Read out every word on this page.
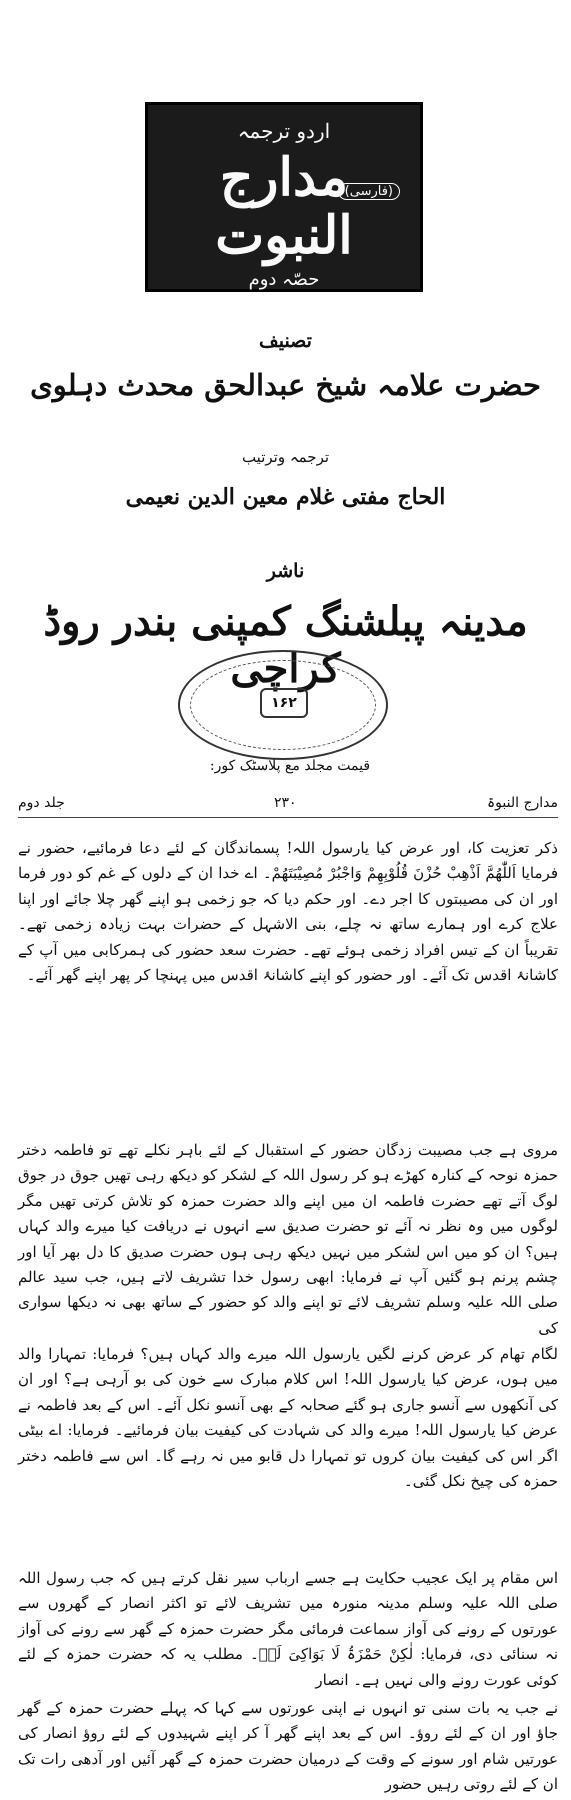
اردو ترجمہ
مدارج النبوت
(فارسی)
حصّہ دوم
تصنیف
حضرت علامہ شیخ عبدالحق محدث دہلوی
ترجمہ وترتیب
الحاج مفتی غلام معین الدین نعیمی
ناشر
مدینہ پبلشنگ کمپنی بندر روڈ کراچی
۱۶۲
قیمت مجلد مع پلاسٹک کور:
مدارج النبوۃ
۲۳۰
جلد دوم

ذکر تعزیت کا، اور عرض کیا یارسول اللہ! پسماندگان کے لئے دعا فرمائیے، حضور نے فرمایا اَللّٰھُمَّ اَذْھِبْ حُزْنَ قُلُوْبِھِمْ وَاجْبُرْ مُصِیْبَتَھُمْ۔ اے خدا ان کے دلوں کے غم کو دور فرما اور ان کی مصیبتوں کا اجر دے۔ اور حکم دیا کہ جو زخمی ہو اپنے گھر چلا جائے اور اپنا علاج کرے اور ہمارے ساتھ نہ چلے، بنی الاشہل کے حضرات بہت زیادہ زخمی تھے۔ تقریباً ان کے تیس افراد زخمی ہوئے تھے۔ حضرت سعد حضور کی ہمرکابی میں آپ کے کاشانۂ اقدس تک آئے۔ اور حضور کو اپنے کاشانۂ اقدس میں پہنچا کر پھر اپنے گھر آئے۔

مروی ہے جب مصیبت زدگان حضور کے استقبال کے لئے باہر نکلے تھے تو فاطمہ دختر حمزہ نوحہ کے کنارہ کھڑے ہو کر رسول اللہ کے لشکر کو دیکھ رہی تھیں جوق در جوق لوگ آتے تھے حضرت فاطمہ ان میں اپنے والد حضرت حمزہ کو تلاش کرتی تھیں مگر لوگوں میں وہ نظر نہ آئے تو حضرت صدیق سے انہوں نے دریافت کیا میرے والد کہاں ہیں؟ ان کو میں اس لشکر میں نہیں دیکھ رہی ہوں حضرت صدیق کا دل بھر آیا اور چشم پرنم ہو گئیں آپ نے فرمایا: ابھی رسول خدا تشریف لاتے ہیں، جب سید عالم صلی اللہ علیہ وسلم تشریف لائے تو اپنے والد کو حضور کے ساتھ بھی نہ دیکھا سواری کی

لگام تھام کر عرض کرنے لگیں یارسول اللہ میرے والد کہاں ہیں؟ فرمایا: تمہارا والد میں ہوں، عرض کیا یارسول اللہ! اس کلام مبارک سے خون کی بو آرہی ہے؟ اور ان کی آنکھوں سے آنسو جاری ہو گئے صحابہ کے بھی آنسو نکل آئے۔ اس کے بعد فاطمہ نے عرض کیا یارسول اللہ! میرے والد کی شہادت کی کیفیت بیان فرمائیے۔ فرمایا: اے بیٹی اگر اس کی کیفیت بیان کروں تو تمہارا دل قابو میں نہ رہے گا۔ اس سے فاطمہ دختر حمزہ کی چیخ نکل گئی۔

اس مقام پر ایک عجیب حکایت ہے جسے ارباب سیر نقل کرتے ہیں کہ جب رسول اللہ صلی اللہ علیہ وسلم مدینہ منورہ میں تشریف لائے تو اکثر انصار کے گھروں سے عورتوں کے رونے کی آواز سماعت فرمائی مگر حضرت حمزہ کے گھر سے رونے کی آواز نہ سنائی دی، فرمایا: لٰکِنْ حَمْزَۃُ لَا بَوَاکِیَ لَہٗ۔ مطلب یہ کہ حضرت حمزہ کے لئے کوئی عورت رونے والی نہیں ہے۔ انصار

نے جب یہ بات سنی تو انہوں نے اپنی عورتوں سے کہا کہ پہلے حضرت حمزہ کے گھر جاؤ اور ان کے لئے روؤ۔ اس کے بعد اپنے گھر آ کر اپنے شہیدوں کے لئے روؤ انصار کی عورتیں شام اور سونے کے وقت کے درمیان حضرت حمزہ کے گھر آئیں اور آدھی رات تک ان کے لئے روتی رہیں حضور
